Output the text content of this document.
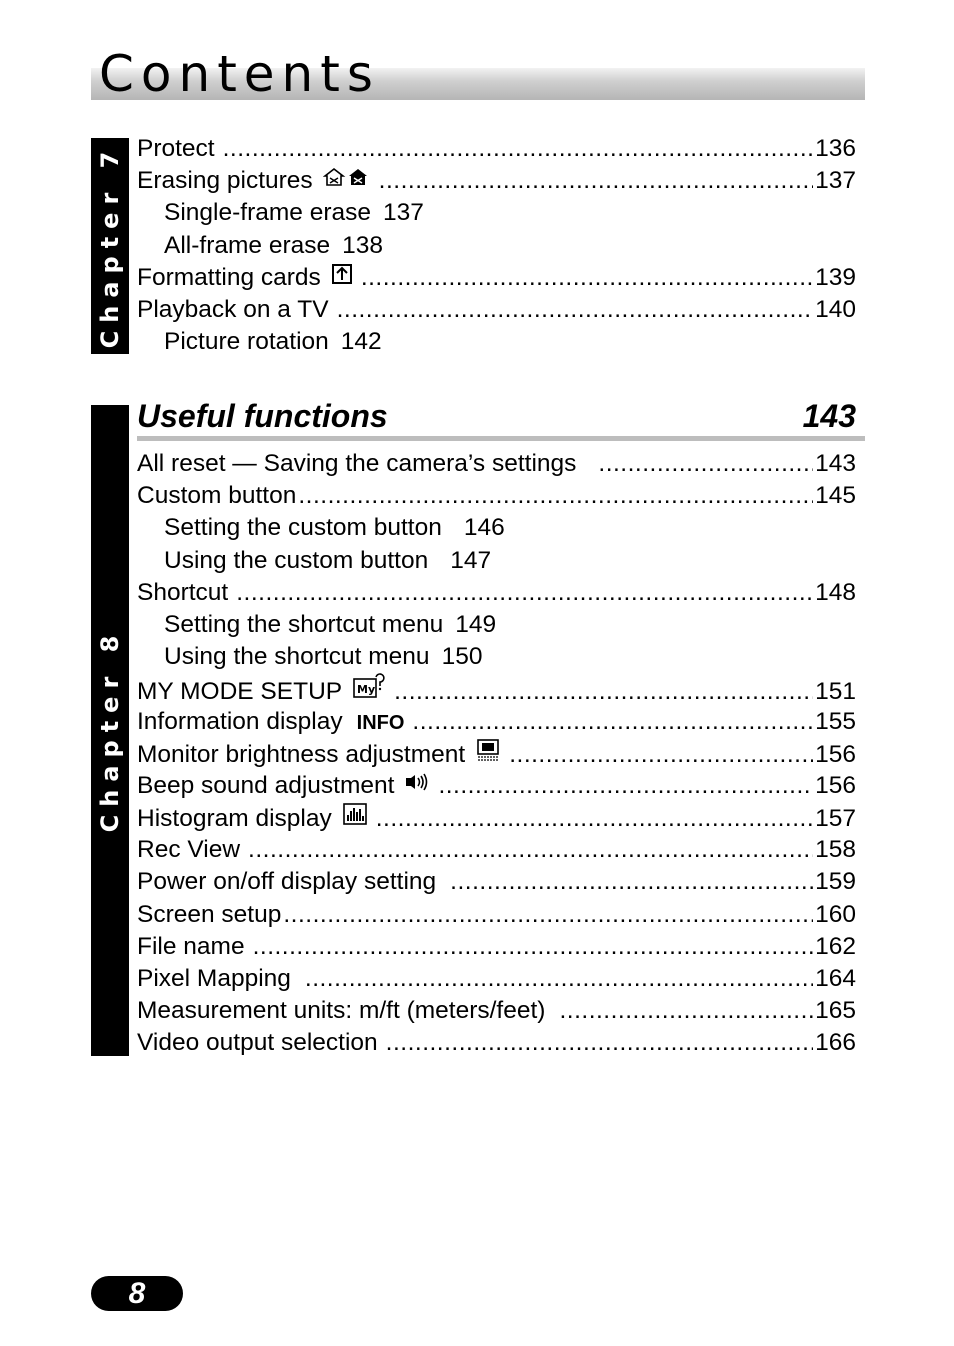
Contents
Chapter 7 Protect .....	136
Erasing pictures .....	137
Single-frame erase 137
All-frame erase 138
Formatting cards .....	139
Playback on a TV .....	140
Picture rotation 142
Chapter 8
Useful functions	143
All reset — Saving the camera’s settings .....	143
Custom button .....	145
Setting the custom button 146
Using the custom button 147
Shortcut .....	148
Setting the shortcut menu 149
Using the shortcut menu 150
MY MODE SETUP My .....	151
Information display INFO .....	155
Monitor brightness adjustment .....	156
Beep sound adjustment .....	156
Histogram display .....	157
Rec View .....	158
Power on/off display setting .....	159
Screen setup .....	160
File name .....	162
Pixel Mapping .....	164
Measurement units: m/ft (meters/feet) .....	165
Video output selection .....	166
8
